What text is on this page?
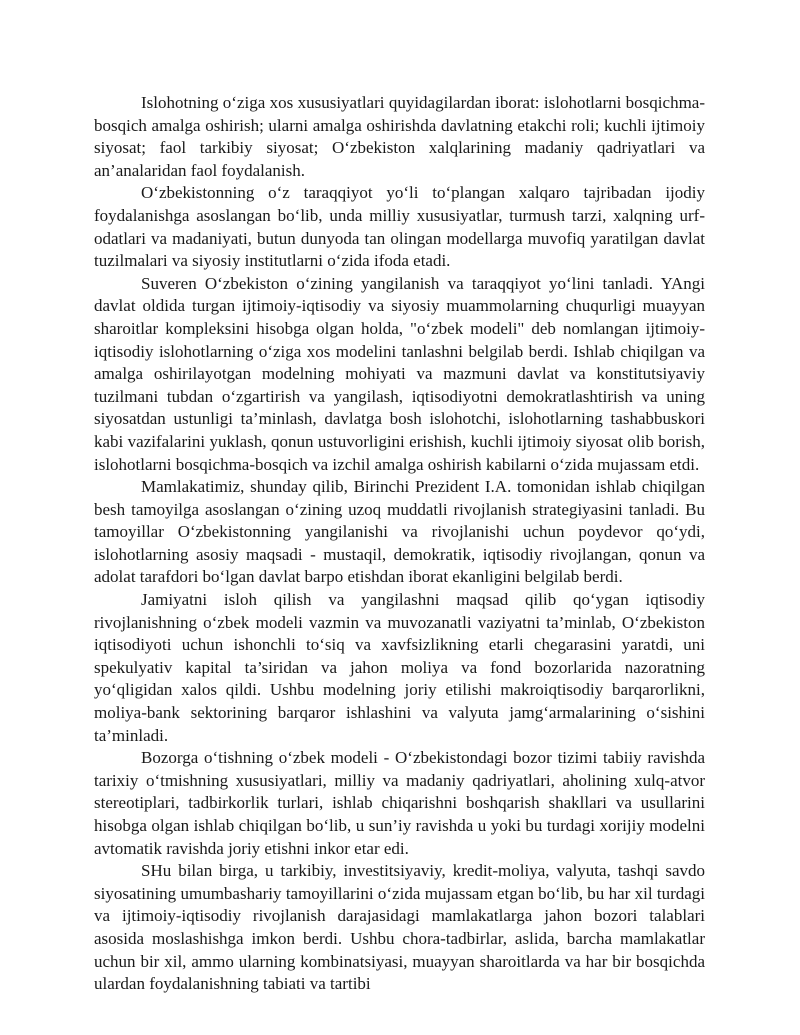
Islohotning o‘ziga xos xususiyatlari quyidagilardan iborat: islohotlarni bosqichma-bosqich amalga oshirish; ularni amalga oshirishda davlatning etakchi roli; kuchli ijtimoiy siyosat; faol tarkibiy siyosat; O‘zbekiston xalqlarining madaniy qadriyatlari va an’analaridan faol foydalanish.

O‘zbekistonning o‘z taraqqiyot yo‘li to‘plangan xalqaro tajribadan ijodiy foydalanishga asoslangan bo‘lib, unda milliy xususiyatlar, turmush tarzi, xalqning urf-odatlari va madaniyati, butun dunyoda tan olingan modellarga muvofiq yaratilgan davlat tuzilmalari va siyosiy institutlarni o‘zida ifoda etadi.

Suveren O‘zbekiston o‘zining yangilanish va taraqqiyot yo‘lini tanladi. YAngi davlat oldida turgan ijtimoiy-iqtisodiy va siyosiy muammolarning chuqurligi muayyan sharoitlar kompleksini hisobga olgan holda, "o‘zbek modeli" deb nomlangan ijtimoiy-iqtisodiy islohotlarning o‘ziga xos modelini tanlashni belgilab berdi. Ishlab chiqilgan va amalga oshirilayotgan modelning mohiyati va mazmuni davlat va konstitutsiyaviy tuzilmani tubdan o‘zgartirish va yangilash, iqtisodiyotni demokratlashtirish va uning siyosatdan ustunligi ta’minlash, davlatga bosh islohotchi, islohotlarning tashabbuskori kabi vazifalarini yuklash, qonun ustuvorligini erishish, kuchli ijtimoiy siyosat olib borish, islohotlarni bosqichma-bosqich va izchil amalga oshirish kabilarni o‘zida mujassam etdi.

Mamlakatimiz, shunday qilib, Birinchi Prezident I.A. tomonidan ishlab chiqilgan besh tamoyilga asoslangan o‘zining uzoq muddatli rivojlanish strategiyasini tanladi. Bu tamoyillar O‘zbekistonning yangilanishi va rivojlanishi uchun poydevor qo‘ydi, islohotlarning asosiy maqsadi - mustaqil, demokratik, iqtisodiy rivojlangan, qonun va adolat tarafdori bo‘lgan davlat barpo etishdan iborat ekanligini belgilab berdi.

Jamiyatni isloh qilish va yangilashni maqsad qilib qo‘ygan iqtisodiy rivojlanishning o‘zbek modeli vazmin va muvozanatli vaziyatni ta’minlab, O‘zbekiston iqtisodiyoti uchun ishonchli to‘siq va xavfsizlikning etarli chegarasini yaratdi, uni spekulyativ kapital ta’siridan va jahon moliya va fond bozorlarida nazoratning yo‘qligidan xalos qildi. Ushbu modelning joriy etilishi makroiqtisodiy barqarorlikni, moliya-bank sektorining barqaror ishlashini va valyuta jamg‘armalarining o‘sishini ta’minladi.

Bozorga o‘tishning o‘zbek modeli - O‘zbekistondagi bozor tizimi tabiiy ravishda tarixiy o‘tmishning xususiyatlari, milliy va madaniy qadriyatlari, aholining xulq-atvor stereotiplari, tadbirkorlik turlari, ishlab chiqarishni boshqarish shakllari va usullarini hisobga olgan ishlab chiqilgan bo‘lib, u sun’iy ravishda u yoki bu turdagi xorijiy modelni avtomatik ravishda joriy etishni inkor etar edi.

SHu bilan birga, u tarkibiy, investitsiyaviy, kredit-moliya, valyuta, tashqi savdo siyosatining umumbashariy tamoyillarini o‘zida mujassam etgan bo‘lib, bu har xil turdagi va ijtimoiy-iqtisodiy rivojlanish darajasidagi mamlakatlarga jahon bozori talablari asosida moslashishga imkon berdi. Ushbu chora-tadbirlar, aslida, barcha mamlakatlar uchun bir xil, ammo ularning kombinatsiyasi, muayyan sharoitlarda va har bir bosqichda ulardan foydalanishning tabiati va tartibi
